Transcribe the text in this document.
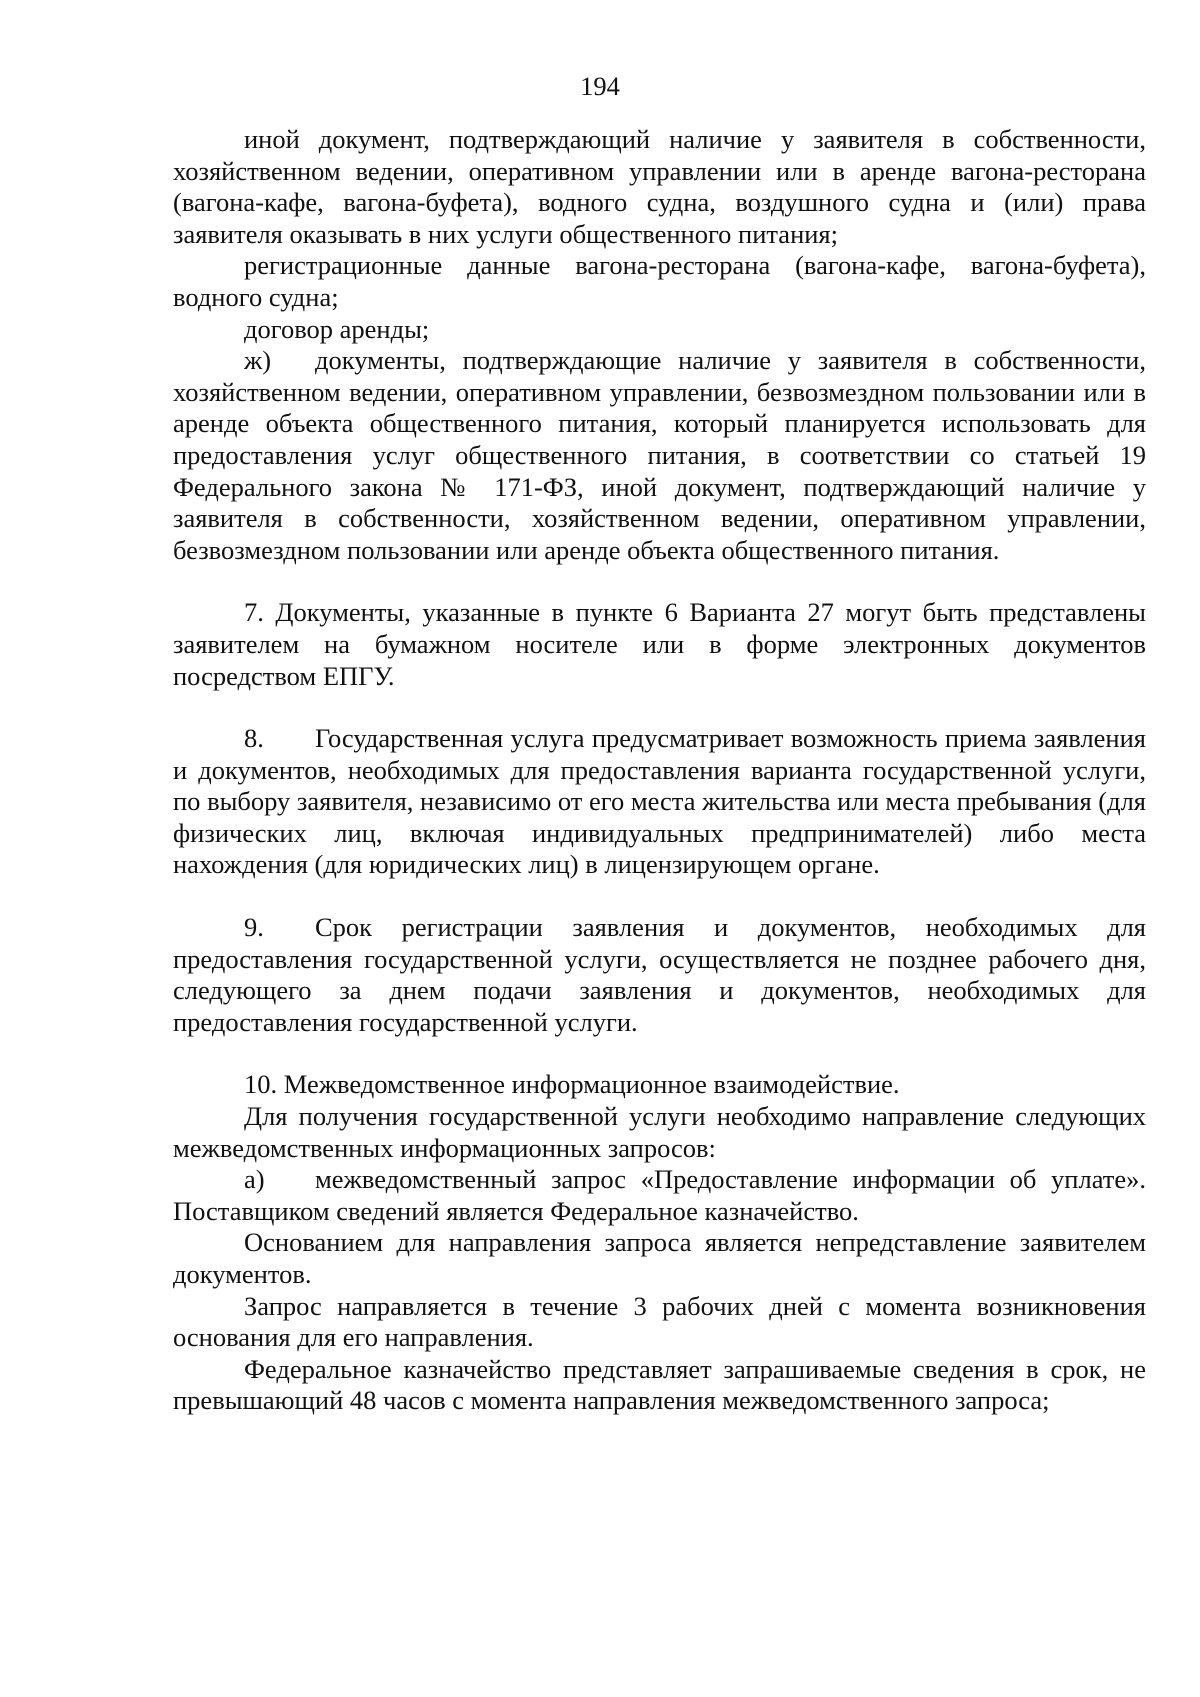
194

иной документ, подтверждающий наличие у заявителя в собственности, хозяйственном ведении, оперативном управлении или в аренде вагона-ресторана (вагона-кафе, вагона-буфета), водного судна, воздушного судна и (или) права заявителя оказывать в них услуги общественного питания;

регистрационные данные вагона-ресторана (вагона-кафе, вагона-буфета), водного судна;

договор аренды;

ж) документы, подтверждающие наличие у заявителя в собственности, хозяйственном ведении, оперативном управлении, безвозмездном пользовании или в аренде объекта общественного питания, который планируется использовать для предоставления услуг общественного питания, в соответствии со статьей 19 Федерального закона № 171-ФЗ, иной документ, подтверждающий наличие у заявителя в собственности, хозяйственном ведении, оперативном управлении, безвозмездном пользовании или аренде объекта общественного питания.

7. Документы, указанные в пункте 6 Варианта 27 могут быть представлены заявителем на бумажном носителе или в форме электронных документов посредством ЕПГУ.

8. Государственная услуга предусматривает возможность приема заявления и документов, необходимых для предоставления варианта государственной услуги, по выбору заявителя, независимо от его места жительства или места пребывания (для физических лиц, включая индивидуальных предпринимателей) либо места нахождения (для юридических лиц) в лицензирующем органе.

9. Срок регистрации заявления и документов, необходимых для предоставления государственной услуги, осуществляется не позднее рабочего дня, следующего за днем подачи заявления и документов, необходимых для предоставления государственной услуги.

10. Межведомственное информационное взаимодействие.

Для получения государственной услуги необходимо направление следующих межведомственных информационных запросов:

а) межведомственный запрос «Предоставление информации об уплате». Поставщиком сведений является Федеральное казначейство.

Основанием для направления запроса является непредставление заявителем документов.

Запрос направляется в течение 3 рабочих дней с момента возникновения основания для его направления.

Федеральное казначейство представляет запрашиваемые сведения в срок, не превышающий 48 часов с момента направления межведомственного запроса;
